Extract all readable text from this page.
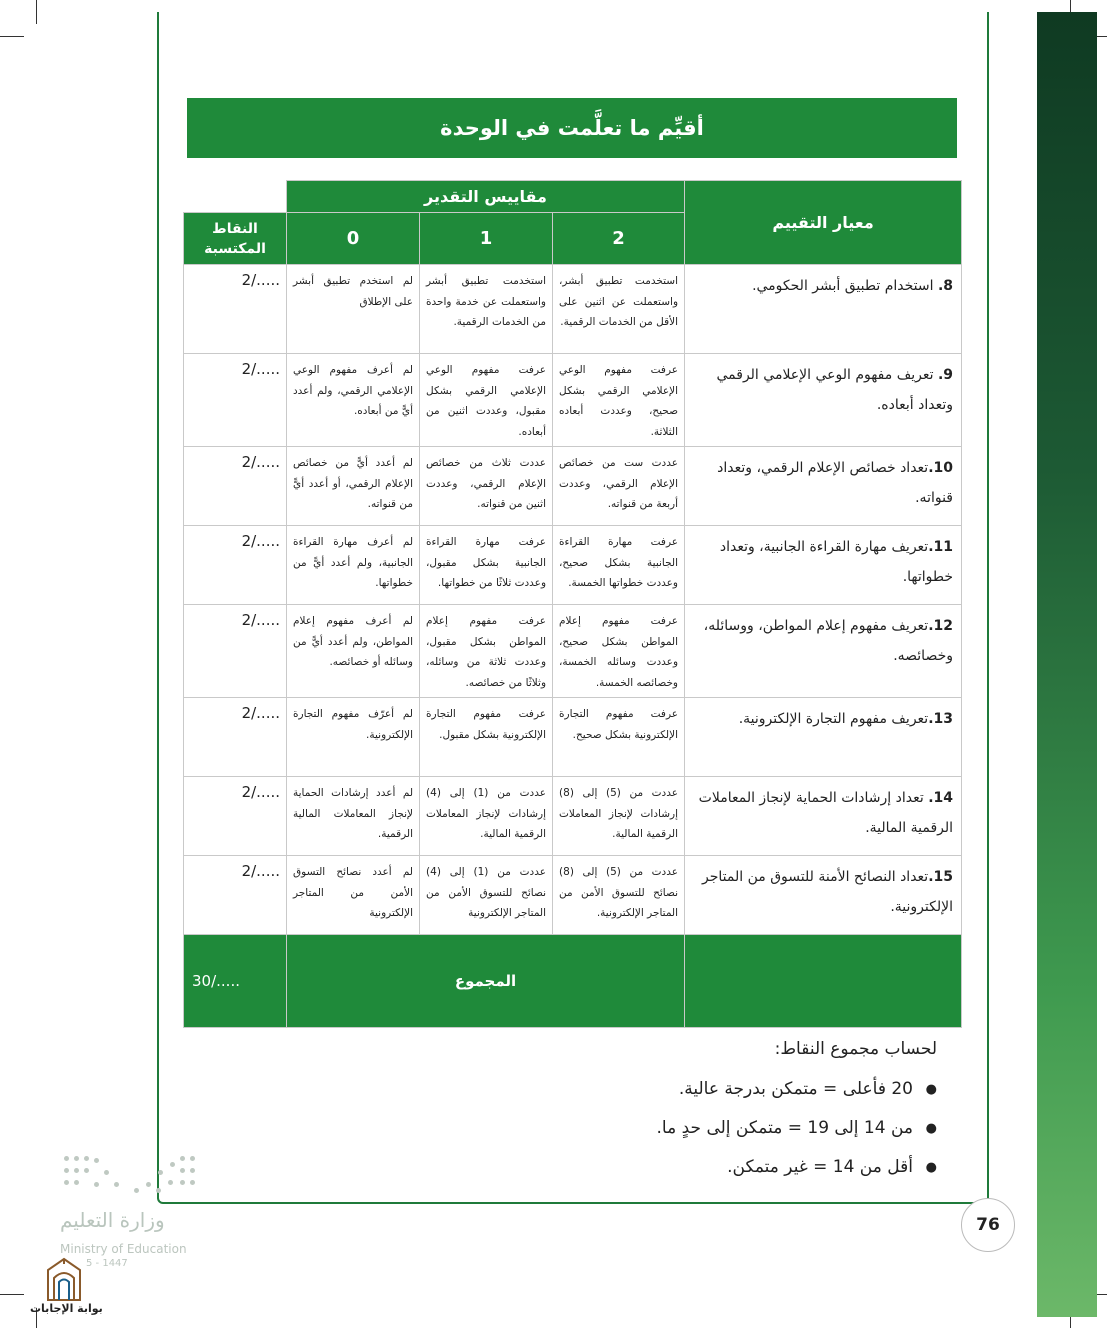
أقيِّم ما تعلَّمت في الوحدة
معيار التقييم	مقاييس التقدير			
	2	1	0	النقاط المكتسبة
8. استخدام تطبيق أبشر الحكومي.	استخدمت تطبيق أبشر، واستعملت عن اثنين على الأقل من الخدمات الرقمية.	استخدمت تطبيق أبشر واستعملت عن خدمة واحدة من الخدمات الرقمية.	لم استخدم تطبيق أبشر على الإطلاق	2/.....
9. تعريف مفهوم الوعي الإعلامي الرقمي وتعداد أبعاده.	عرفت مفهوم الوعي الإعلامي الرقمي بشكل صحيح، وعددت أبعاده الثلاثة.	عرفت مفهوم الوعي الإعلامي الرقمي بشكل مقبول، وعددت اثنين من أبعاده.	لم أعرف مفهوم الوعي الإعلامي الرقمي، ولم أعدد أيًّ من أبعاده.	2/.....
10.تعداد خصائص الإعلام الرقمي، وتعداد قنواته.	عددت ست من خصائص الإعلام الرقمي، وعددت أربعة من قنواته.	عددت ثلاث من خصائص الإعلام الرقمي، وعددت اثنين من قنواته.	لم أعدد أيًّ من خصائص الإعلام الرقمي، أو أعدد أيًّ من قنواته.	2/.....
11.تعريف مهارة القراءة الجانبية، وتعداد خطواتها.	عرفت مهارة القراءة الجانبية بشكل صحيح، وعددت خطواتها الخمسة.	عرفت مهارة القراءة الجانبية بشكل مقبول، وعددت ثلاثًا من خطواتها.	لم أعرف مهارة القراءة الجانبية، ولم أعدد أيًّ من خطواتها.	2/.....
12.تعريف مفهوم إعلام المواطن، ووسائله، وخصائصه.	عرفت مفهوم إعلام المواطن بشكل صحيح، وعددت وسائله الخمسة، وخصائصه الخمسة.	عرفت مفهوم إعلام المواطن بشكل مقبول، وعددت ثلاثة من وسائله، وثلاثًا من خصائصه.	لم أعرف مفهوم إعلام المواطن، ولم أعدد أيًّ من وسائله أو خصائصه.	2/.....
13.تعريف مفهوم التجارة الإلكترونية.	عرفت مفهوم التجارة الإلكترونية بشكل صحيح.	عرفت مفهوم التجارة الإلكترونية بشكل مقبول.	لم أعرّف مفهوم التجارة الإلكترونية.	2/.....
14. تعداد إرشادات الحماية لإنجاز المعاملات الرقمية المالية.	عددت من (5) إلى (8) إرشادات لإنجاز المعاملات الرقمية المالية.	عددت من (1) إلى (4) إرشادات لإنجاز المعاملات الرقمية المالية.	لم أعدد إرشادات الحماية لإنجاز المعاملات المالية الرقمية.	2/.....
15.تعداد النصائح الأمنة للتسوق من المتاجر الإلكترونية.	عددت من (5) إلى (8) نصائح للتسوق الأمن من المتاجر الإلكترونية.	عددت من (1) إلى (4) نصائح للتسوق الأمن من المتاجر الإلكترونية	لم أعدد نصائح التسوق الأمن من المتاجر الإلكترونية	2/.....
	المجموع			30/.....
لحساب مجموع النقاط:
● 20 فأعلى = متمكن بدرجة عالية.
● من 14 إلى 19 = متمكن إلى حدٍ ما.
● أقل من 14 = غير متمكن.
76
وزارة التعليم
Ministry of Education
5 - 1447
بوابة الإجابات
